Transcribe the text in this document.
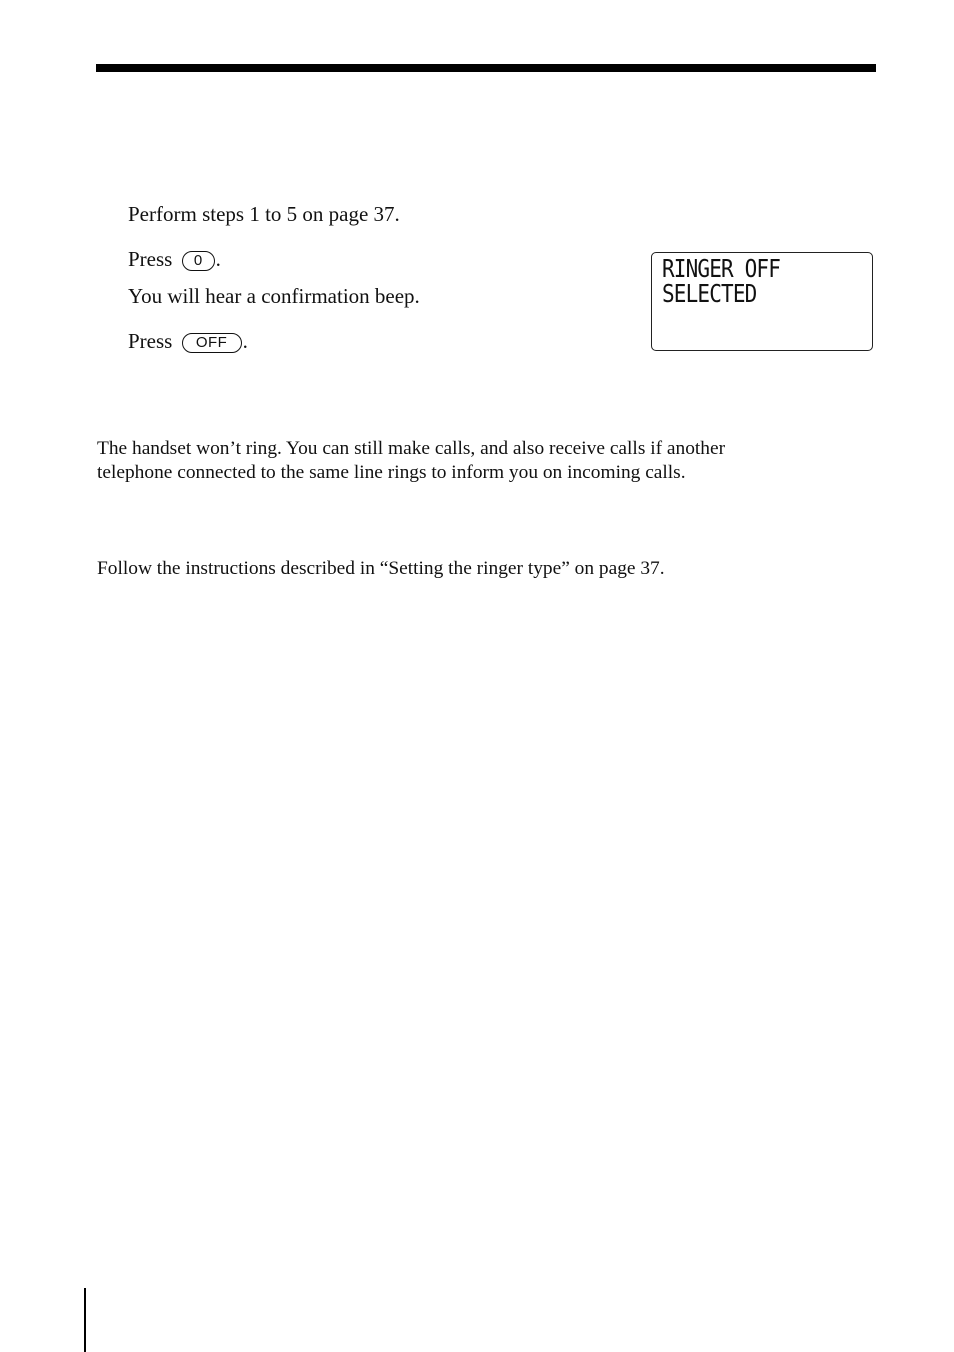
Perform steps 1 to 5 on page 37.
Press 0 .
You will hear a confirmation beep.
Press OFF .
RINGER OFF
SELECTED
The handset won’t ring. You can still make calls, and also receive calls if another telephone connected to the same line rings to inform you on incoming calls.
Follow the instructions described in “Setting the ringer type” on page 37.
